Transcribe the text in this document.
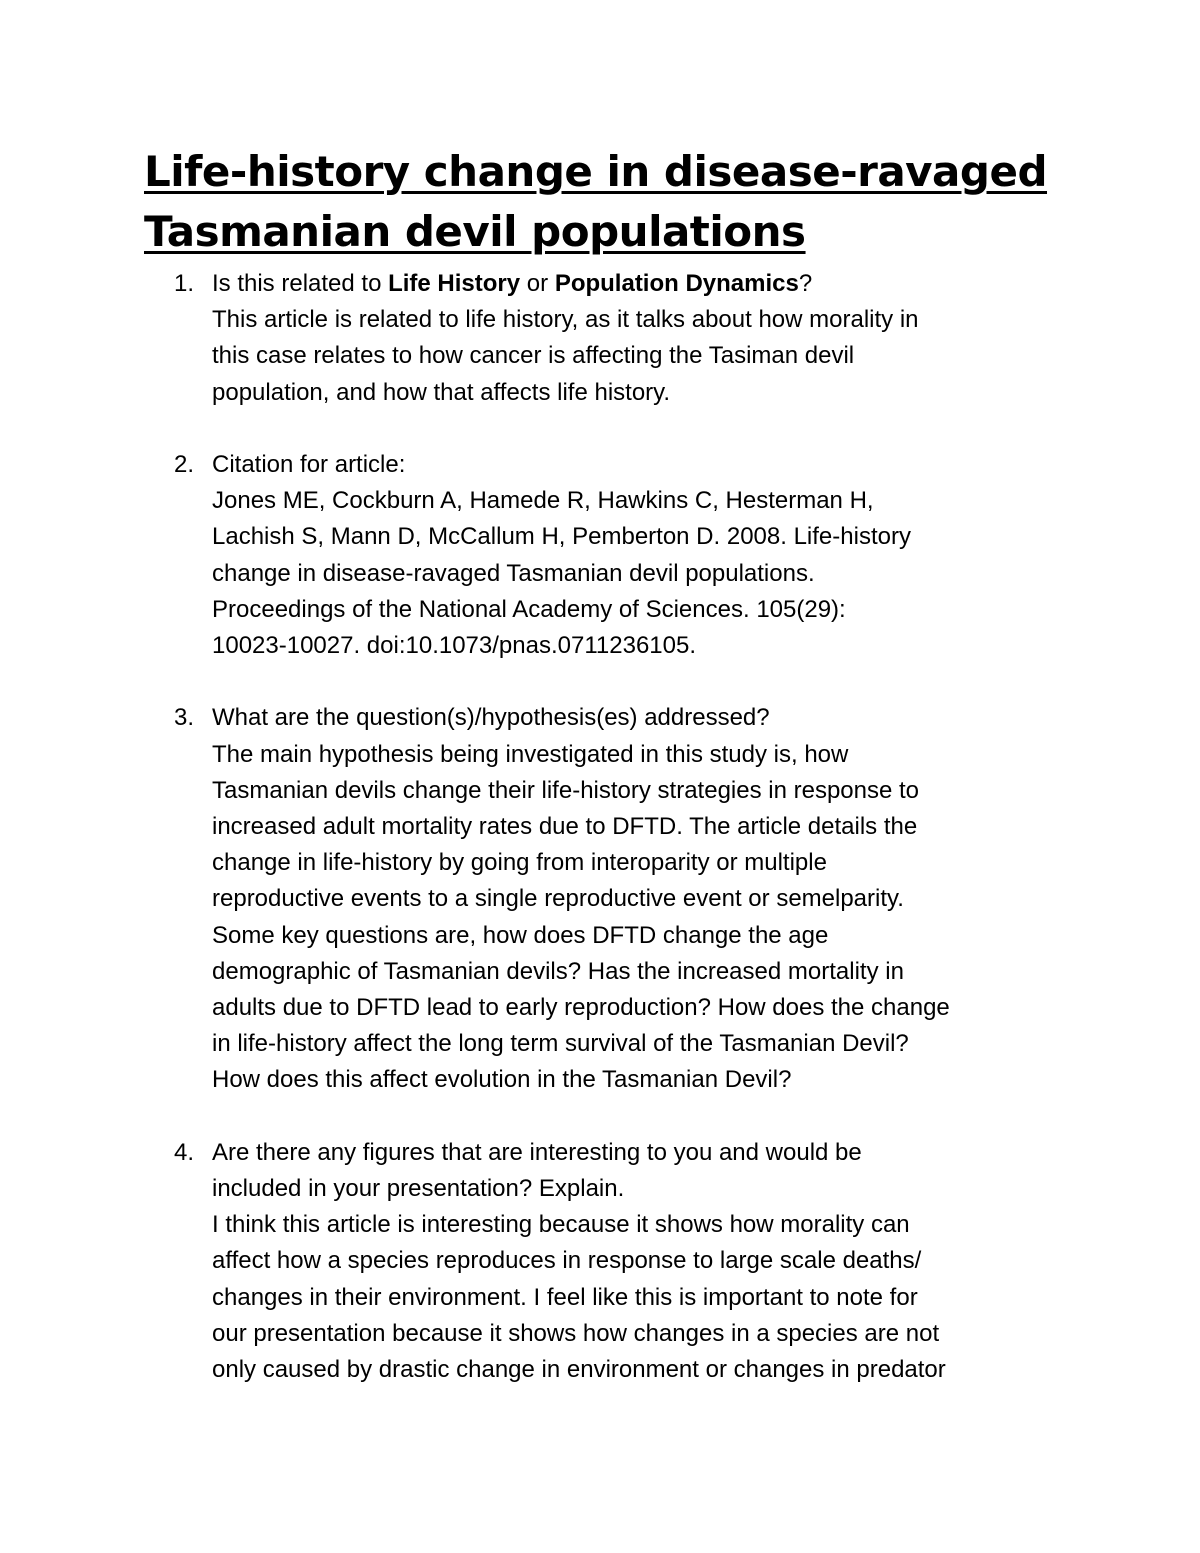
Life-history change in disease-ravaged
Tasmanian devil populations
1. Is this related to Life History or Population Dynamics?
This article is related to life history, as it talks about how morality in
this case relates to how cancer is affecting the Tasiman devil
population, and how that affects life history.
2. Citation for article:
Jones ME, Cockburn A, Hamede R, Hawkins C, Hesterman H,
Lachish S, Mann D, McCallum H, Pemberton D. 2008. Life-history
change in disease-ravaged Tasmanian devil populations.
Proceedings of the National Academy of Sciences. 105(29):
10023-10027. doi:10.1073/pnas.0711236105.
3. What are the question(s)/hypothesis(es) addressed?
The main hypothesis being investigated in this study is, how
Tasmanian devils change their life-history strategies in response to
increased adult mortality rates due to DFTD. The article details the
change in life-history by going from interoparity or multiple
reproductive events to a single reproductive event or semelparity.
Some key questions are, how does DFTD change the age
demographic of Tasmanian devils? Has the increased mortality in
adults due to DFTD lead to early reproduction? How does the change
in life-history affect the long term survival of the Tasmanian Devil?
How does this affect evolution in the Tasmanian Devil?
4. Are there any figures that are interesting to you and would be
included in your presentation? Explain.
I think this article is interesting because it shows how morality can
affect how a species reproduces in response to large scale deaths/
changes in their environment. I feel like this is important to note for
our presentation because it shows how changes in a species are not
only caused by drastic change in environment or changes in predator
